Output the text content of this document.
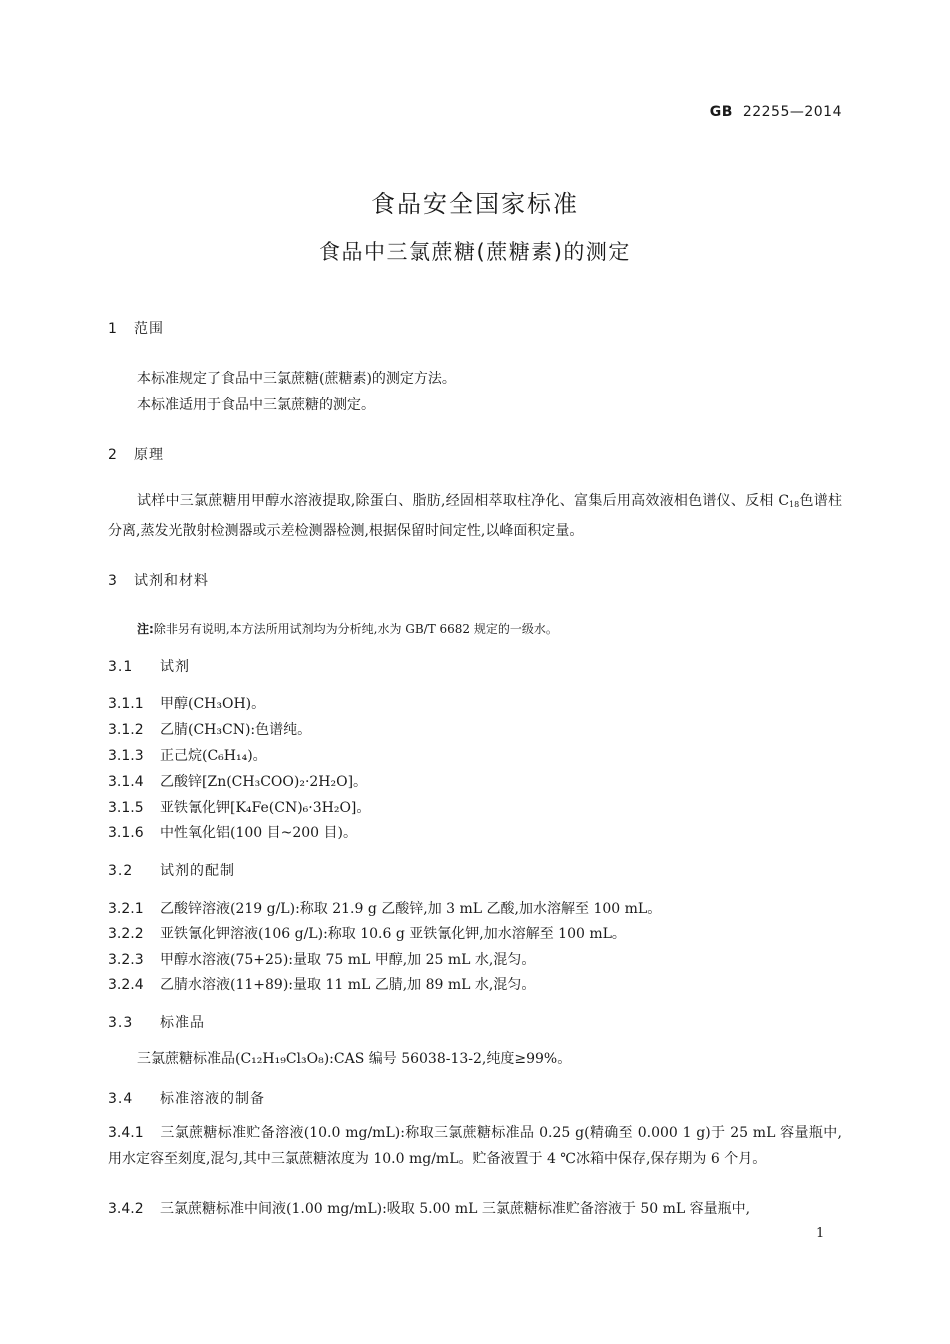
GB 22255—2014
食品安全国家标准
食品中三氯蔗糖(蔗糖素)的测定
1 范围
本标准规定了食品中三氯蔗糖(蔗糖素)的测定方法。
本标准适用于食品中三氯蔗糖的测定。
2 原理
试样中三氯蔗糖用甲醇水溶液提取,除蛋白、脂肪,经固相萃取柱净化、富集后用高效液相色谱仪、反相 $C_{18}$色谱柱分离,蒸发光散射检测器或示差检测器检测,根据保留时间定性,以峰面积定量。
3 试剂和材料
注:除非另有说明,本方法所用试剂均为分析纯,水为 GB/T 6682 规定的一级水。
3.1 试剂
3.1.1 甲醇(CH₃OH)。
3.1.2 乙腈(CH₃CN):色谱纯。
3.1.3 正己烷(C₆H₁₄)。
3.1.4 乙酸锌[Zn(CH₃COO)₂·2H₂O]。
3.1.5 亚铁氰化钾[K₄Fe(CN)₆·3H₂O]。
3.1.6 中性氧化铝(100 目~200 目)。
3.2 试剂的配制
3.2.1 乙酸锌溶液(219 g/L):称取 21.9 g 乙酸锌,加 3 mL 乙酸,加水溶解至 100 mL。
3.2.2 亚铁氰化钾溶液(106 g/L):称取 10.6 g 亚铁氰化钾,加水溶解至 100 mL。
3.2.3 甲醇水溶液(75+25):量取 75 mL 甲醇,加 25 mL 水,混匀。
3.2.4 乙腈水溶液(11+89):量取 11 mL 乙腈,加 89 mL 水,混匀。
3.3 标准品
三氯蔗糖标准品(C₁₂H₁₉Cl₃O₈):CAS 编号 56038-13-2,纯度≥99%。
3.4 标准溶液的制备
3.4.1 三氯蔗糖标准贮备溶液(10.0 mg/mL):称取三氯蔗糖标准品 0.25 g(精确至 0.000 1 g)于 25 mL 容量瓶中,用水定容至刻度,混匀,其中三氯蔗糖浓度为 10.0 mg/mL。贮备液置于 4 ℃冰箱中保存,保存期为 6 个月。
3.4.2 三氯蔗糖标准中间液(1.00 mg/mL):吸取 5.00 mL 三氯蔗糖标准贮备溶液于 50 mL 容量瓶中,
1
